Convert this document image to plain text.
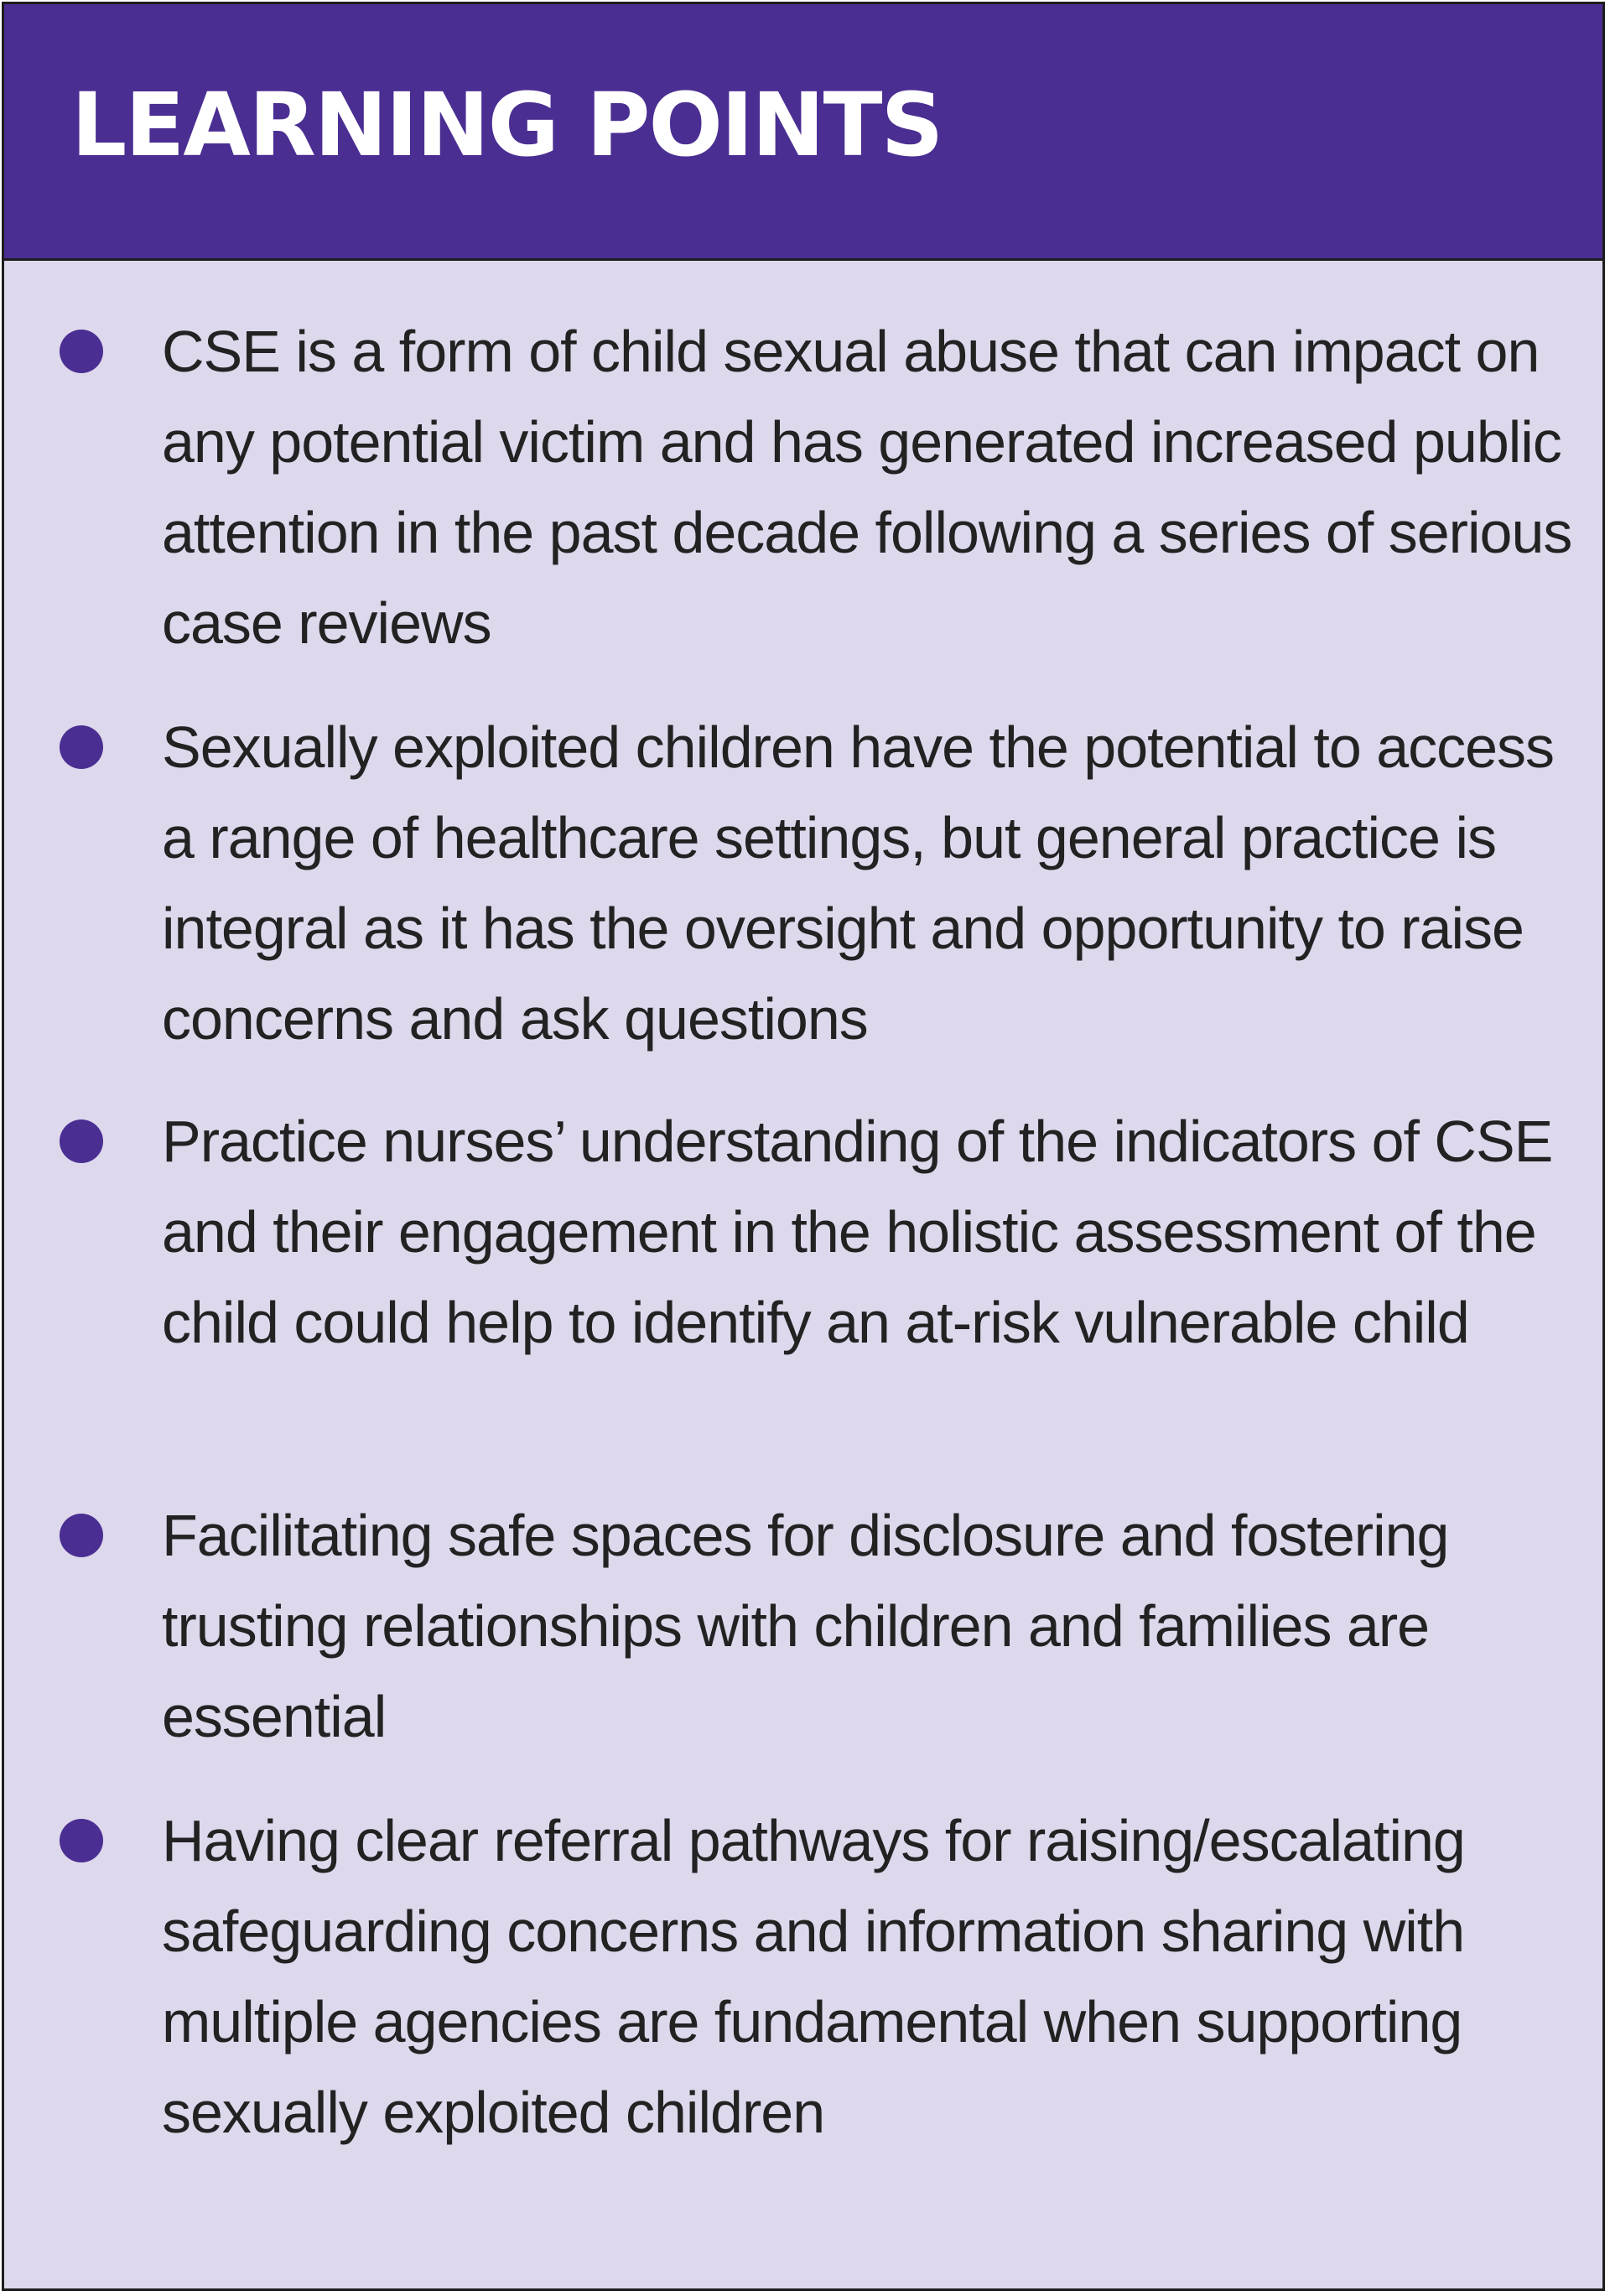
LEARNING POINTS
CSE is a form of child sexual abuse that can impact on any potential victim and has generated increased public attention in the past decade following a series of serious case reviews
Sexually exploited children have the potential to access a range of healthcare settings, but general practice is integral as it has the oversight and opportunity to raise concerns and ask questions
Practice nurses’ understanding of the indicators of CSE and their engagement in the holistic assessment of the child could help to identify an at-risk vulnerable child
Facilitating safe spaces for disclosure and fostering trusting relationships with children and families are essential
Having clear referral pathways for raising/escalating safeguarding concerns and information sharing with multiple agencies are fundamental when supporting sexually exploited children
